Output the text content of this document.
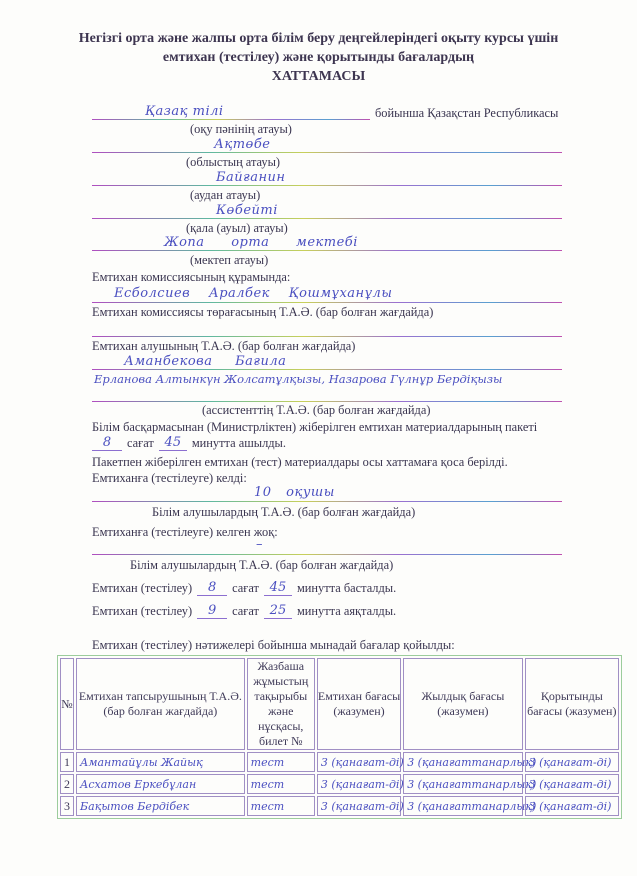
Негізгі орта және жалпы орта білім беру деңгейлеріндегі оқыту курсы үшін
емтихан (тестілеу) және қорытынды бағалардың
ХАТТАМАСЫ
Қазақ тілі	бойынша Қазақстан Республикасы
(оқу пәнінің атауы)
Ақтөбе
(облыстың атауы)
Байғанин
(аудан атауы)
Көбейті
(қала (ауыл) атауы)
Жопа орта мектебі
(мектеп атауы)
Емтихан комиссиясының құрамында:
Есболсиев Аралбек Қошмұханұлы
Емтихан комиссиясы төрағасының Т.А.Ә. (бар болған жағдайда)
Емтихан алушының Т.А.Ә. (бар болған жағдайда)
Аманбекова Бағила
Ерланова Алтынкүн Жолсатұлқызы, Назарова Гүлнұр Бердіқызы
(ассистенттің Т.А.Ә. (бар болған жағдайда)
Білім басқармасынан (Министрліктен) жіберілген емтихан материалдарының пакеті
8	сағат 45 минутта ашылды.
Пакетпен жіберілген емтихан (тест) материалдары осы хаттамаға қоса берілді.
Емтиханға (тестілеуге) келді:
10 оқушы
Білім алушылардың Т.А.Ә. (бар болған жағдайда)
Емтиханға (тестілеуге) келген жоқ:
–
Білім алушылардың Т.А.Ә. (бар болған жағдайда)
Емтихан (тестілеу)	8	сағат 45 минутта басталды.
Емтихан (тестілеу)	9	сағат 25 минутта аяқталды.
Емтихан (тестілеу) нәтижелері бойынша мынадай бағалар қойылды:
№	Емтихан тапсырушының Т.А.Ә. (бар болған жағдайда)	Жазбаша жұмыстың тақырыбы және нұсқасы, билет №	Емтихан бағасы (жазумен)	Жылдық бағасы (жазумен)	Қорытынды бағасы (жазумен)
1	Амантайұлы Жайық	тест	3 (қанағат-ді)	3 (қанағаттанарлық)	3 (қанағат-ді)
2	Асхатов Еркебұлан	тест	3 (қанағат-ді)	3 (қанағаттанарлық)	3 (қанағат-ді)
3	Бақытов Бердібек	тест	3 (қанағат-ді)	3 (қанағаттанарлық)	3 (қанағат-ді)
